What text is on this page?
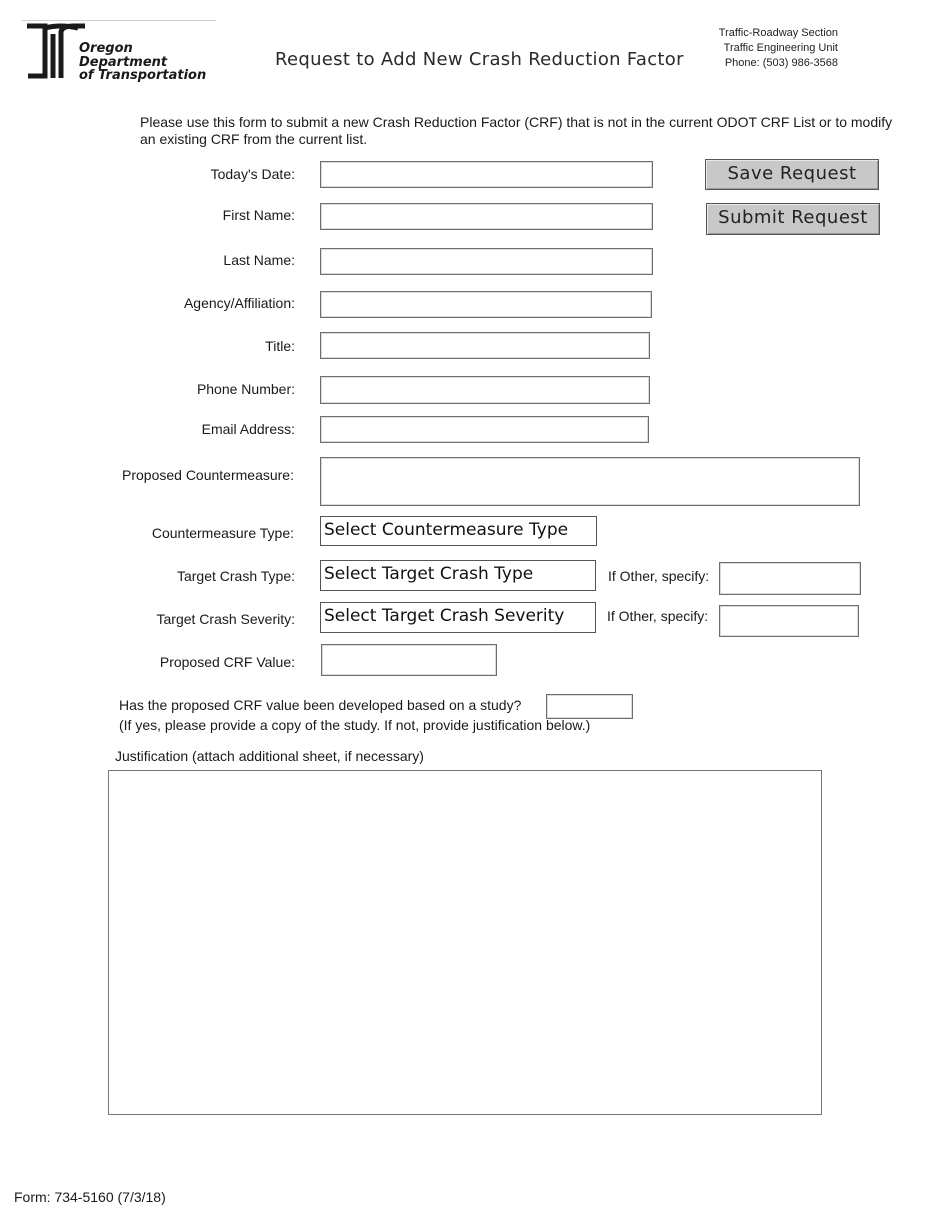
Oregon
Department
of Transportation
Request to Add New Crash Reduction Factor
Traffic-Roadway Section
Traffic Engineering Unit
Phone: (503) 986-3568
Please use this form to submit a new Crash Reduction Factor (CRF) that is not in the current ODOT CRF List or to modify an existing CRF from the current list.
Save Request
Submit Request
Today's Date:
First Name:
Last Name:
Agency/Affiliation:
Title:
Phone Number:
Email Address:
Proposed Countermeasure:
Countermeasure Type: Select Countermeasure Type
Target Crash Type: Select Target Crash Type	If Other, specify:
Target Crash Severity: Select Target Crash Severity	If Other, specify:
Proposed CRF Value:
Has the proposed CRF value been developed based on a study?
(If yes, please provide a copy of the study. If not, provide justification below.)
Justification (attach additional sheet, if necessary)
Form: 734-5160 (7/3/18)
